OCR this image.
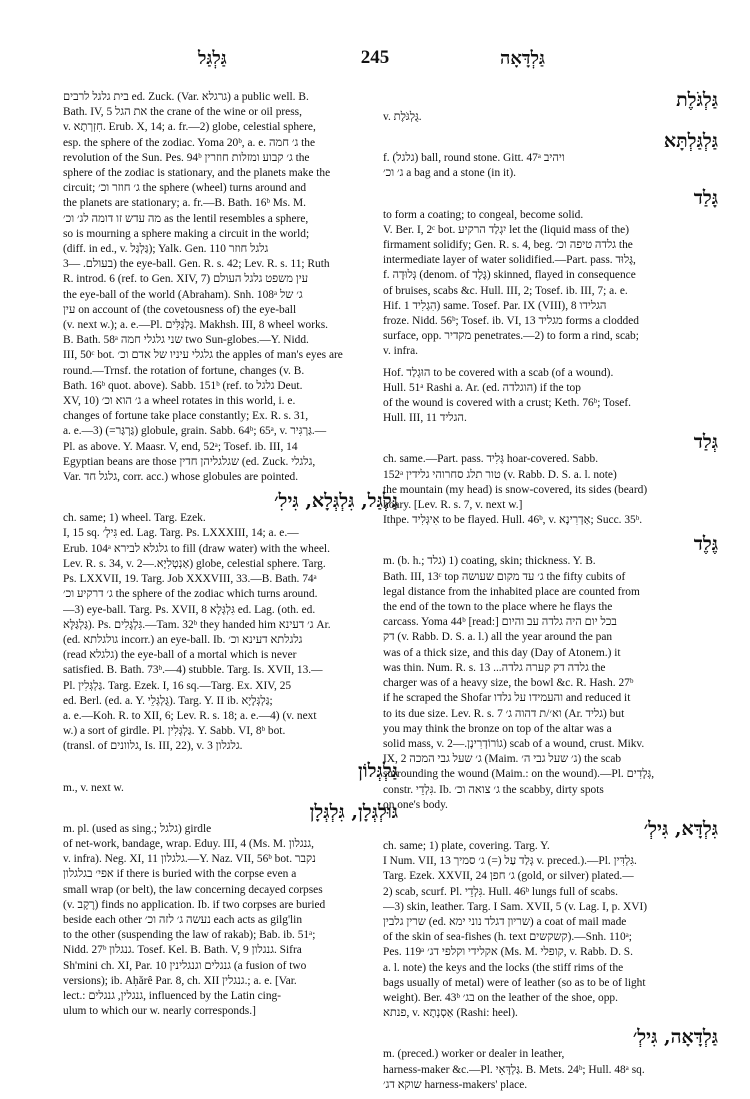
גַּלְגַּל	245	גַּלְדָּאָה
בית גלגל לרבים ed. Zuck. (Var. גרגלא) a public well. B.
Bath. IV, 5 את הגל the crane of the wine or oil press,
v. חִזְרְתָא. Erub. X, 14; a. fr.—2) globe, celestial sphere,
esp. the sphere of the zodiac. Yoma 20ᵇ, a. e. ג׳ חמה the
revolution of the Sun. Pes. 94ᵇ ג׳ קבוע ומזלות חוזרין the
sphere of the zodiac is stationary, and the planets make the
circuit; ג׳ חוזר וכ׳ the sphere (wheel) turns around and
the planets are stationary; a. fr.—B. Bath. 16ᵇ Ms. M.
מה עדש זו דומה לג׳ וכ׳ as the lentil resembles a sphere,
so is mourning a sphere making a circuit in the world;
(diff. in ed., v. גַּלְגַּל); Yalk. Gen. 110 גלגל חוזר
בעולם. —3) the eye-ball. Gen. R. s. 42; Lev. R. s. 11; Ruth
R. introd. 6 (ref. to Gen. XIV, 7) עין משפט גלגל העולם
the eye-ball of the world (Abraham). Snh. 108ᵃ ג׳ של
עין on account of (the covetousness of) the eye-ball
(v. next w.); a. e.—Pl. גַּלְגַּלִּים. Makhsh. III, 8 wheel works.
B. Bath. 58ᵃ שני גלגלי חמה two Sun-globes.—Y. Nidd.
III, 50ᶜ bot. גלגלי עיניו של אדם וכ׳ the apples of man's eyes are
round.—Trnsf. the rotation of fortune, changes (v. B.
Bath. 16ᵇ quot. above). Sabb. 151ᵇ (ref. to גלגל Deut.
XV, 10) ג׳ הוא וכ׳ a wheel rotates in this world, i. e.
changes of fortune take place constantly; Ex. R. s. 31,
a. e.—3) (=גַּרְגַּר) globule, grain. Sabb. 64ᵇ; 65ᵃ, v. גַּרְגִּיר.—
Pl. as above. Y. Maasr. V, end, 52ᵃ; Tosef. ib. III, 14
Egyptian beans are those שגלגליהן חדין (ed. Zuck. גלגלי,
Var. גלגל חד, corr. acc.) whose globules are pointed.
גַּלְגַּל, גִּלְגְּלָא, גִּילִ׳
ch. same; 1) wheel. Targ. Ezek.
I, 15 sq. גִּילְ׳ ed. Lag. Targ. Ps. LXXXIII, 14; a. e.—
Erub. 104ᵃ גלגלא לבירא to fill (draw water) with the wheel.
Lev. R. s. 34, v. אַנְטְלִיָא.—2) globe, celestial sphere. Targ.
Ps. LXXVII, 19. Targ. Job XXXVIII, 33.—B. Bath. 74ᵃ
ג׳ דרקיע וכ׳ the sphere of the zodiac which turns around.
—3) eye-ball. Targ. Ps. XVII, 8 גִּלְגְּלָא ed. Lag. (oth. ed.
גַּלְגַּלָּא). Ps. גִּלְגָּלִים.—Tam. 32ᵇ they handed him ג׳ דעינא Ar.
(ed. גולגלתא incorr.) an eye-ball. Ib. גלגלתא דעינא וכ׳
(read גלגלא) the eye-ball of a mortal which is never
satisfied. B. Bath. 73ᵇ.—4) stubble. Targ. Is. XVII, 13.—
Pl. גַּלְגְּלִין. Targ. Ezek. I, 16 sq.—Targ. Ex. XIV, 25
ed. Berl. (ed. a. Y. גֻּלְגְּלֵי). Targ. Y. II ib. גַּלְגְּלָיָא;
a. e.—Koh. R. to XII, 6; Lev. R. s. 18; a. e.—4) (v. next
w.) a sort of girdle. Pl. גַּלְגְּלִין. Y. Sabb. VI, 8ᵇ bot.
(transl. of גלוונים, Is. III, 22), v. גלגלון 3.
גַּלְגְּלוֹן
m., v. next w.
גּוּלְגְּלָן, גִּלְגְּלָן
m. pl. (used as sing.; גלגל) girdle
of net-work, bandage, wrap. Eduy. III, 4 (Ms. M. גנגלון,
v. infra). Neg. XI, 11 גלגלון.—Y. Naz. VII, 56ᵇ bot. נקבר
אפי׳ בגלגלון if there is buried with the corpse even a
small wrap (or belt), the law concerning decayed corpses
(v. רָקָב) finds no application. Ib. if two corpses are buried
beside each other נעשה ג׳ לזה וכ׳ each acts as gilg'lin
to the other (suspending the law of rakab); Bab. ib. 51ᵃ;
Nidd. 27ᵇ גנגלון. Tosef. Kel. B. Bath. V, 9 גנגלון. Sifra
Sh'mini ch. XI, Par. 10 גנגלים וגנגלינין (a fusion of two
versions); ib. Aḥărê Par. 8, ch. XII גנגלין.; a. e. [Var.
lect.: גנגלין, גנגלים, influenced by the Latin cing-
ulum to which our w. nearly corresponds.]
גַּלְגֹּלֶת
v. גֻּלְגֹּלֶת.
גַּלְגַּלְתָּא
f. (גלגל) ball, round stone. Gitt. 47ᵃ ויהיב
ג׳ וכ׳ a bag and a stone (in it).
גָּלַד
to form a coating; to congeal, become solid.
V. Ber. I, 2ᶜ bot. יִגְלַד הרקיע let the (liquid mass of the)
firmament solidify; Gen. R. s. 4, beg. גלדה טיפה וכ׳ the
intermediate layer of water solidified.—Part. pass. גָּלוּד,
f. גְּלוּדָה (denom. of גֶּלֶד) skinned, flayed in consequence
of bruises, scabs &c. Hull. III, 2; Tosef. ib. III, 7; a. e.
Hif. הִגְלִיד 1) same. Tosef. Par. IX (VIII), 8 הגלידו
froze. Nidd. 56ᵇ; Tosef. ib. VI, 13 מגליד forms a clodded
surface, opp. מקדיר penetrates.—2) to form a rind, scab;
v. infra.
Hof. הוּגְלַד to be covered with a scab (of a wound).
Hull. 51ᵃ Rashi a. Ar. (ed. הוגלדה) if the top
of the wound is covered with a crust; Keth. 76ᵇ; Tosef.
Hull. III, 11 הגליד.
גְּלַד
ch. same.—Part. pass. גְּלִיד hoar-covered. Sabb.
152ᵃ טור תלג סחרוהי גלידין (v. Rabb. D. S. a. l. note)
the mountain (my head) is snow-covered, its sides (beard)
hoary. [Lev. R. s. 7, v. next w.]
Ithpe. אִיגְּלִיד to be flayed. Hull. 46ᵇ, v. אַדְרִינָא; Succ. 35ᵇ.
גֶּלֶד
m. (b. h.; גלד) 1) coating, skin; thickness. Y. B.
Bath. III, 13ᶜ top ג׳ עד מקום שעושה the fifty cubits of
legal distance from the inhabited place are counted from
the end of the town to the place where he flays the
carcass. Yoma 44ᵇ [read:] בכל יום היה גלדה עב והיום
דק (v. Rabb. D. S. a. l.) all the year around the pan
was of a thick size, and this day (Day of Atonem.) it
was thin. Num. R. s. 13 ...גלדה דק קערה גלדה the
charger was of a heavy size, the bowl &c. R. Hash. 27ᵇ
if he scraped the Shofar והעמידו על גלדו and reduced it
to its due size. Lev. R. s. 7 וא׳/ת דהוה ג׳ (Ar. גליד) but
you may think the bronze on top of the altar was a
solid mass, v. גוֹרוֹדְרִינָן.—2) scab of a wound, crust. Mikv.
IX, 2 ג׳ שעל גבי המכה (Maim. ג׳ שעל גבי ה׳) the scab
surrounding the wound (Maim.: on the wound).—Pl. גְּלָדִים,
constr. גִּלְדֵי. Ib. ג׳ צואה וכ׳ the scabby, dirty spots
on one's body.
גִּלְדָּא, גִּילְ׳
ch. same; 1) plate, covering. Targ. Y.
I Num. VII, 13 גְּלַד עַל (=) ג׳ סמיך v. preced.).—Pl. גִּלְדִּין.
Targ. Ezek. XXVII, 24 ג׳ חפן (gold, or silver) plated.—
2) scab, scurf. Pl. גִּלְדֵי. Hull. 46ᵇ lungs full of scabs.
—3) skin, leather. Targ. I Sam. XVII, 5 (v. Lag. I, p. XVI)
שרין גלבין (ed. שריון דגלד נוני ימא) a coat of mail made
of the skin of sea-fishes (h. text קשקשים).—Snh. 110ᵃ;
Pes. 119ᵃ אקלידי וקלפי דג׳ (Ms. M. קופלי, v. Rabb. D. S.
a. l. note) the keys and the locks (the stiff rims of the
bags usually of metal) were of leather (so as to be of light
weight). Ber. 43ᵇ בג׳ on the leather of the shoe, opp.
פנתא, v. אַסְנְתָא (Rashi: heel).
גַּלְדָּאָה, גִּילְ׳
m. (preced.) worker or dealer in leather,
harness-maker &c.—Pl. גַּלְדָּאֵי. B. Mets. 24ᵇ; Hull. 48ᵃ sq.
שוקא דג׳ harness-makers' place.
